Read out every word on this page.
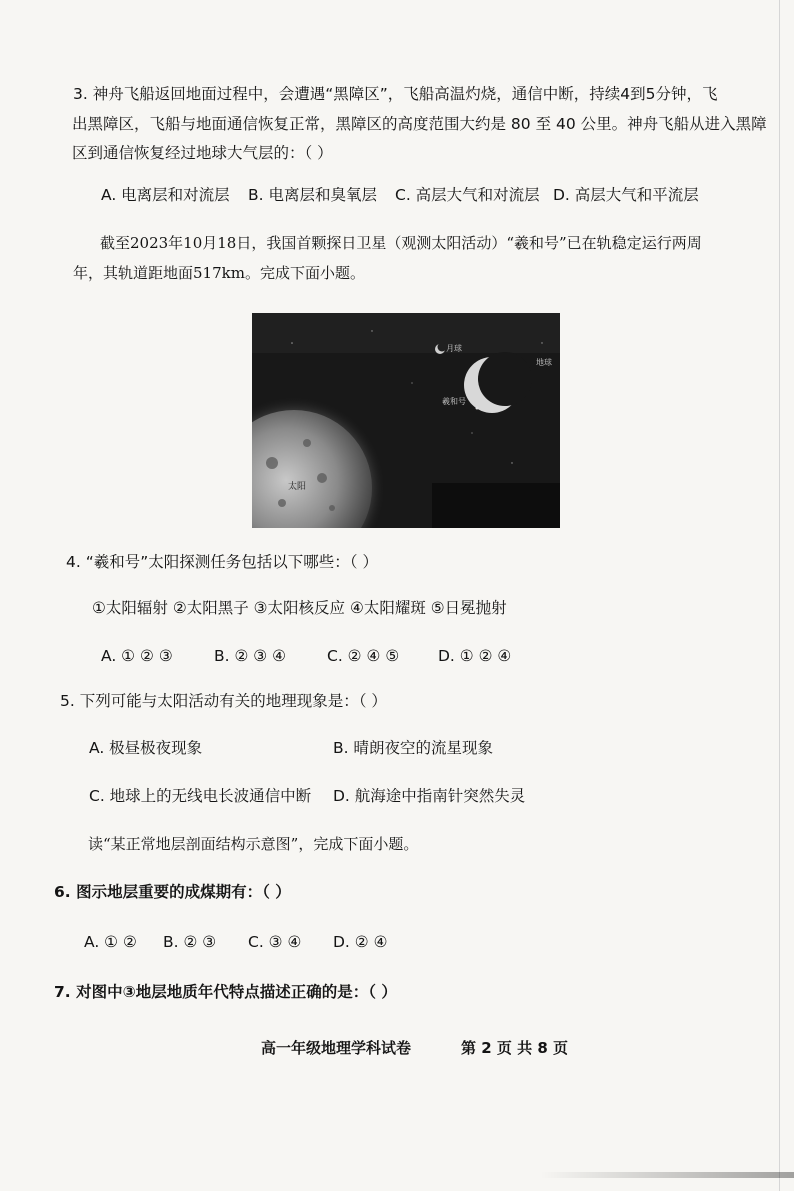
3. 神舟飞船返回地面过程中，会遭遇“黑障区”，飞船高温灼烧，通信中断，持续4到5分钟，飞
出黑障区，飞船与地面通信恢复正常，黑障区的高度范围大约是 80 至 40 公里。神舟飞船从进入黑障
区到通信恢复经过地球大气层的：（ ）
A. 电离层和对流层 B. 电离层和臭氧层 C. 高层大气和对流层 D. 高层大气和平流层
截至2023年10月18日，我国首颗探日卫星（观测太阳活动）“羲和号”已在轨稳定运行两周
年，其轨道距地面517km。完成下面小题。
月球
地球
羲和号
太阳
4. “羲和号”太阳探测任务包括以下哪些：（ ）
①太阳辐射 ②太阳黑子 ③太阳核反应 ④太阳耀斑 ⑤日冕抛射
A. ① ② ③	B. ② ③ ④	C. ② ④ ⑤	D. ① ② ④
5. 下列可能与太阳活动有关的地理现象是：（ ）
A. 极昼极夜现象	B. 晴朗夜空的流星现象
C. 地球上的无线电长波通信中断 D. 航海途中指南针突然失灵
读“某正常地层剖面结构示意图”，完成下面小题。
6. 图示地层重要的成煤期有：（ ）
A. ① ② B. ② ③ C. ③ ④ D. ② ④
7. 对图中③地层地质年代特点描述正确的是：（ ）
高一年级地理学科试卷	第 2 页 共 8 页
